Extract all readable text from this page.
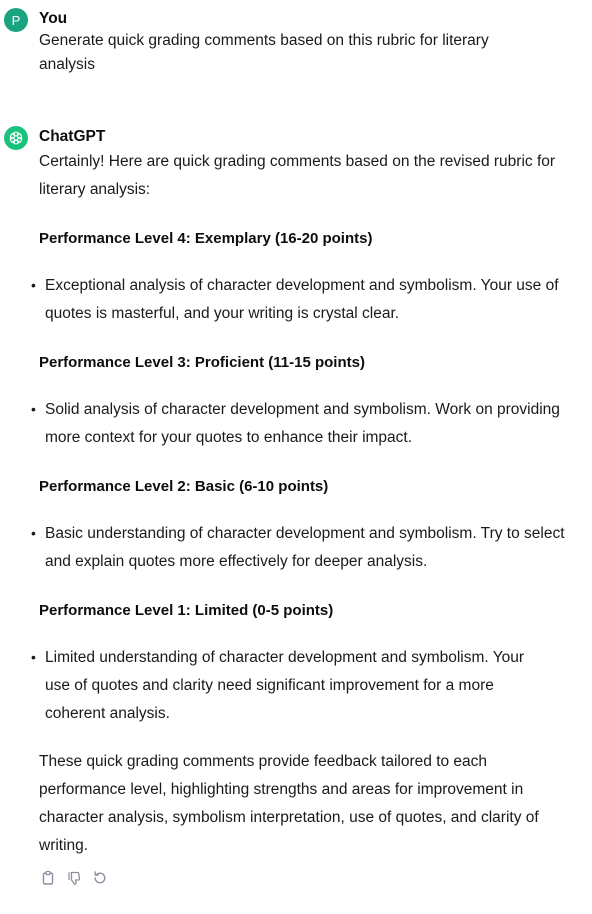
P You
Generate quick grading comments based on this rubric for literary analysis
ChatGPT
Certainly! Here are quick grading comments based on the revised rubric for literary analysis:
Performance Level 4: Exemplary (16-20 points)
• Exceptional analysis of character development and symbolism. Your use of quotes is masterful, and your writing is crystal clear.
Performance Level 3: Proficient (11-15 points)
• Solid analysis of character development and symbolism. Work on providing more context for your quotes to enhance their impact.
Performance Level 2: Basic (6-10 points)
• Basic understanding of character development and symbolism. Try to select and explain quotes more effectively for deeper analysis.
Performance Level 1: Limited (0-5 points)
• Limited understanding of character development and symbolism. Your use of quotes and clarity need significant improvement for a more coherent analysis.
These quick grading comments provide feedback tailored to each performance level, highlighting strengths and areas for improvement in character analysis, symbolism interpretation, use of quotes, and clarity of writing.
